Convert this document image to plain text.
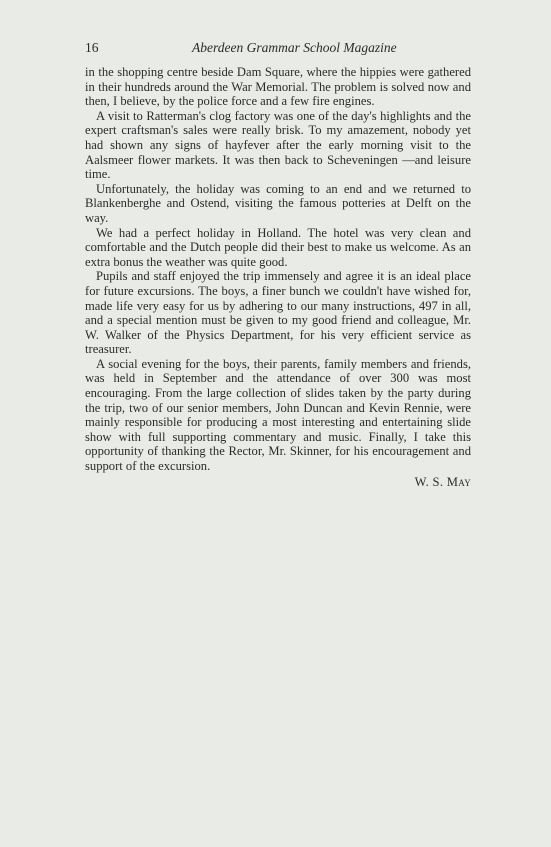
16	Aberdeen Grammar School Magazine

in the shopping centre beside Dam Square, where the hippies were gathered in their hundreds around the War Memorial. The problem is solved now and then, I believe, by the police force and a few fire engines.

A visit to Ratterman's clog factory was one of the day's highlights and the expert craftsman's sales were really brisk. To my amazement, nobody yet had shown any signs of hayfever after the early morning visit to the Aalsmeer flower markets. It was then back to Scheveningen —and leisure time.

Unfortunately, the holiday was coming to an end and we returned to Blankenberghe and Ostend, visiting the famous potteries at Delft on the way.

We had a perfect holiday in Holland. The hotel was very clean and comfortable and the Dutch people did their best to make us welcome. As an extra bonus the weather was quite good.

Pupils and staff enjoyed the trip immensely and agree it is an ideal place for future excursions. The boys, a finer bunch we couldn't have wished for, made life very easy for us by adhering to our many instructions, 497 in all, and a special mention must be given to my good friend and colleague, Mr. W. Walker of the Physics Department, for his very efficient service as treasurer.

A social evening for the boys, their parents, family members and friends, was held in September and the attendance of over 300 was most encouraging. From the large collection of slides taken by the party during the trip, two of our senior members, John Duncan and Kevin Rennie, were mainly responsible for producing a most interesting and entertaining slide show with full supporting commentary and music. Finally, I take this opportunity of thanking the Rector, Mr. Skinner, for his encouragement and support of the excursion.

W. S. May
